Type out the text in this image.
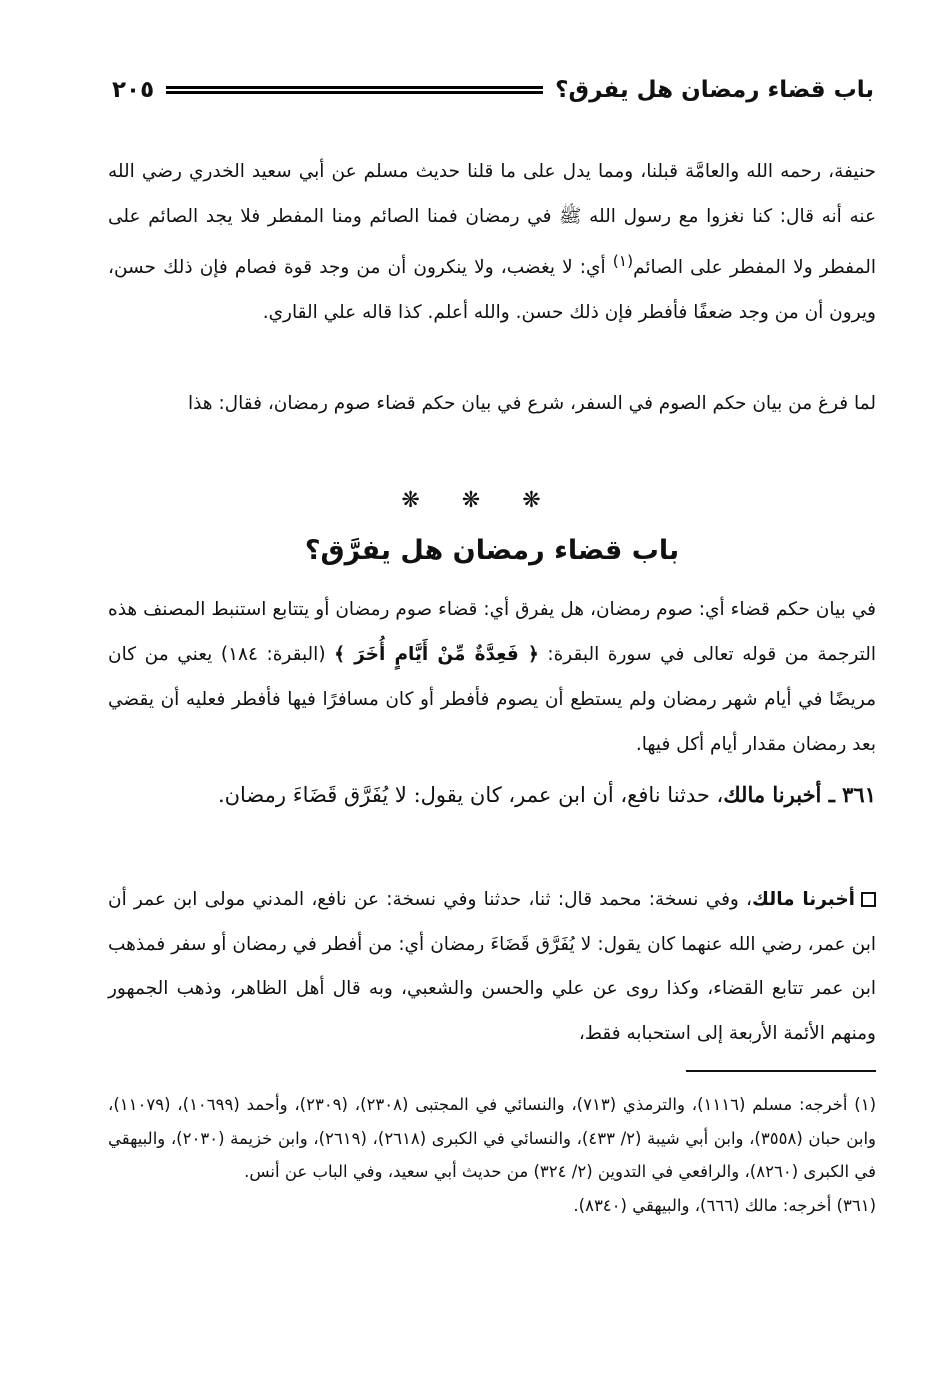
باب قضاء رمضان هل يفرق؟
٢٠٥

حنيفة، رحمه الله والعامَّة قبلنا، ومما يدل على ما قلنا حديث مسلم عن أبي سعيد الخدري رضي الله عنه أنه قال: كنا نغزوا مع رسول الله ﷺ في رمضان فمنا الصائم ومنا المفطر فلا يجد الصائم على المفطر ولا المفطر على الصائم$^{(١)}$ أي: لا يغضب، ولا ينكرون أن من وجد قوة فصام فإن ذلك حسن، ويرون أن من وجد ضعفًا فأفطر فإن ذلك حسن. والله أعلم. كذا قاله علي القاري.

لما فرغ من بيان حكم الصوم في السفر، شرع في بيان حكم قضاء صوم رمضان، فقال: هذا

❋❋❋
باب قضاء رمضان هل يفرَّق؟

في بيان حكم قضاء أي: صوم رمضان، هل يفرق أي: قضاء صوم رمضان أو يتتابع استنبط المصنف هذه الترجمة من قوله تعالى في سورة البقرة: ﴿ فَعِدَّةٌ مِّنْ أَيَّامٍ أُخَرَ ﴾ (البقرة: ١٨٤) يعني من كان مريضًا في أيام شهر رمضان ولم يستطع أن يصوم فأفطر أو كان مسافرًا فيها فأفطر فعليه أن يقضي بعد رمضان مقدار أيام أكل فيها.

٣٦١ ـ أخبرنا مالك، حدثنا نافع، أن ابن عمر، كان يقول: لا يُفَرَّق قَضَاءَ رمضان.

أخبرنا مالك، وفي نسخة: محمد قال: ثنا، حدثنا وفي نسخة: عن نافع، المدني مولى ابن عمر أن ابن عمر، رضي الله عنهما كان يقول: لا يُفَرَّق قَضَاءَ رمضان أي: من أفطر في رمضان أو سفر فمذهب ابن عمر تتابع القضاء، وكذا روى عن علي والحسن والشعبي، وبه قال أهل الظاهر، وذهب الجمهور ومنهم الأئمة الأربعة إلى استحبابه فقط،

(١) أخرجه: مسلم (١١١٦)، والترمذي (٧١٣)، والنسائي في المجتبى (٢٣٠٨)، (٢٣٠٩)، وأحمد (١٠٦٩٩)، (١١٠٧٩)، وابن حبان (٣٥٥٨)، وابن أبي شيبة (٢/ ٤٣٣)، والنسائي في الكبرى (٢٦١٨)، (٢٦١٩)، وابن خزيمة (٢٠٣٠)، والبيهقي في الكبرى (٨٢٦٠)، والرافعي في التدوين (٢/ ٣٢٤) من حديث أبي سعيد، وفي الباب عن أنس.

(٣٦١) أخرجه: مالك (٦٦٦)، والبيهقي (٨٣٤٠).
